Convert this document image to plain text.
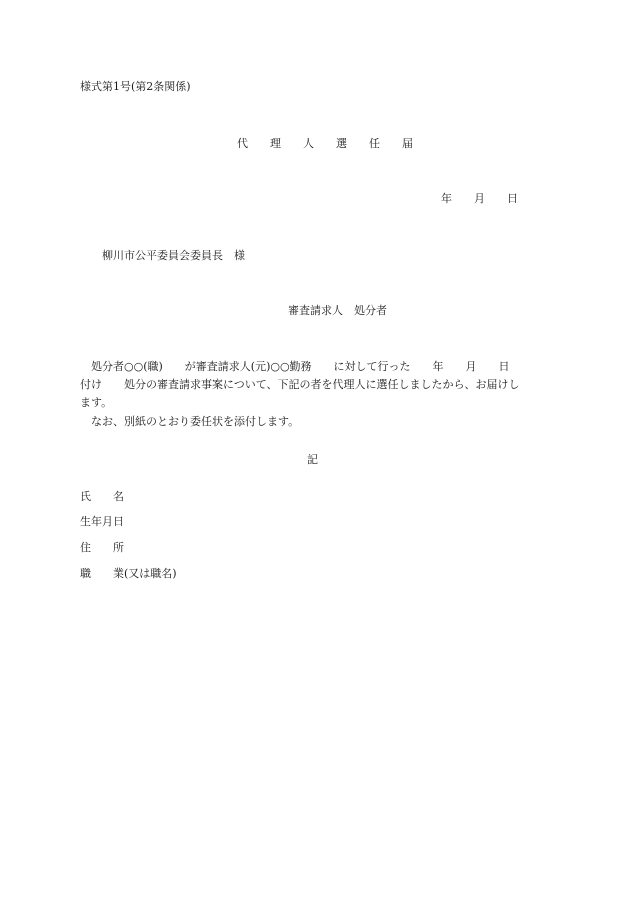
様式第1号(第2条関係)
代　　理　　人　　選　　任　　届
年　　月　　日
柳川市公平委員会委員長　様
審査請求人　処分者
処分者○○(職)　　が審査請求人(元)○○勤務　　に対して行った　　年　　月　　日
付け　　処分の審査請求事案について、下記の者を代理人に選任しましたから、お届けし
ます。
なお、別紙のとおり委任状を添付します。
記
氏　　名
生年月日
住　　所
職　　業(又は職名)
